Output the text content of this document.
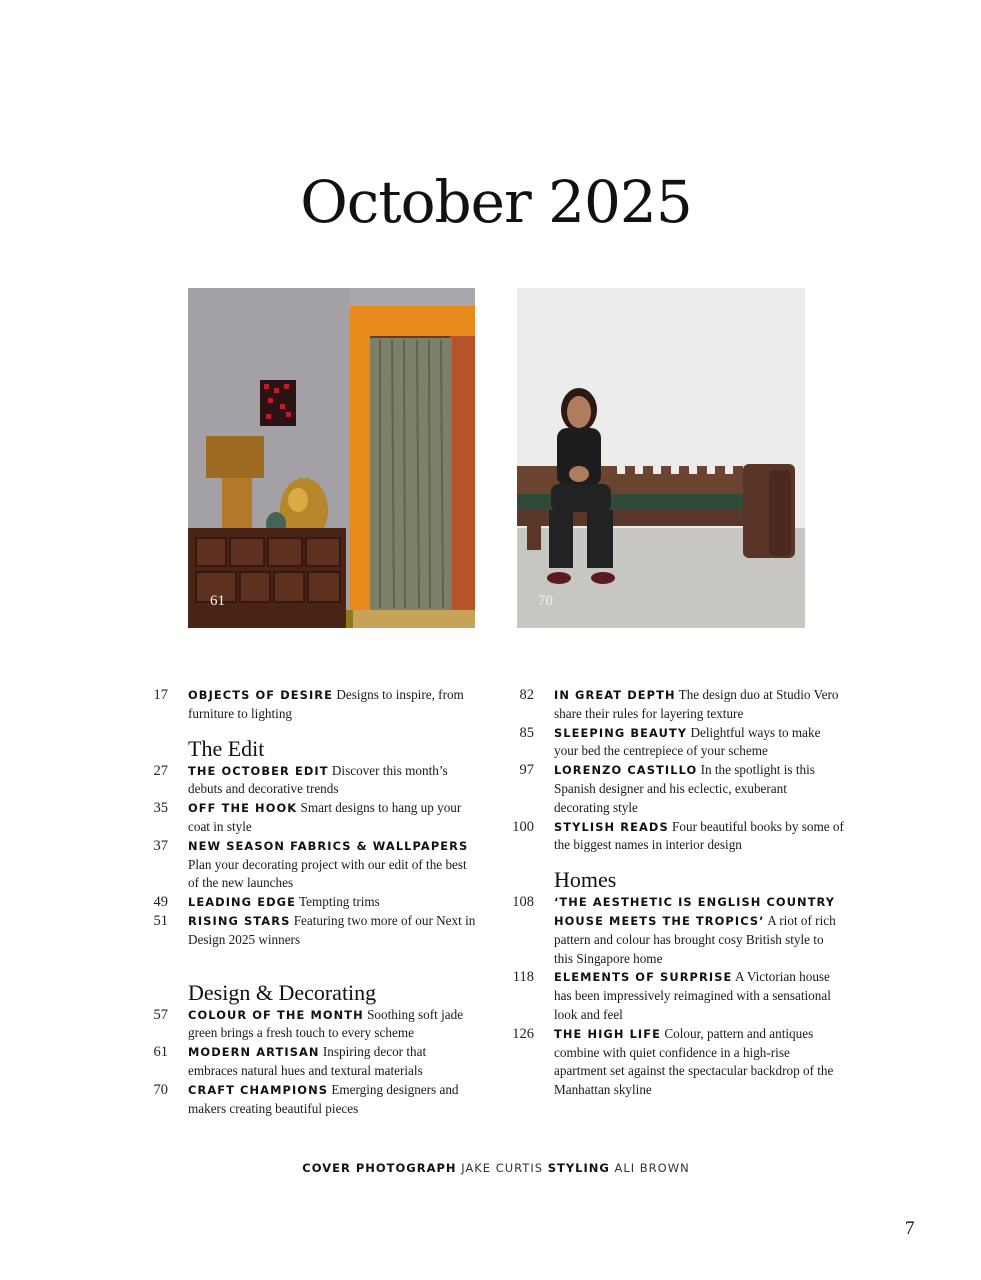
October 2025
61	70

17 OBJECTS OF DESIRE Designs to inspire, from furniture to lighting

The Edit

27 THE OCTOBER EDIT Discover this month’s debuts and decorative trends

35 OFF THE HOOK Smart designs to hang up your coat in style

37 NEW SEASON FABRICS & WALLPAPERS
Plan your decorating project with our edit of the best of the new launches

49 LEADING EDGE Tempting trims

51 RISING STARS Featuring two more of our Next in Design 2025 winners

Design & Decorating

57 COLOUR OF THE MONTH Soothing soft jade green brings a fresh touch to every scheme

61 MODERN ARTISAN Inspiring decor that embraces natural hues and textural materials

70 CRAFT CHAMPIONS Emerging designers and makers creating beautiful pieces

82 IN GREAT DEPTH The design duo at Studio Vero share their rules for layering texture

85 SLEEPING BEAUTY Delightful ways to make your bed the centrepiece of your scheme

97 LORENZO CASTILLO In the spotlight is this Spanish designer and his eclectic, exuberant decorating style

100 STYLISH READS Four beautiful books by some of the biggest names in interior design

Homes

108 ‘THE AESTHETIC IS ENGLISH COUNTRY HOUSE MEETS THE TROPICS’ A riot of rich pattern and colour has brought cosy British style to this Singapore home

118 ELEMENTS OF SURPRISE A Victorian house has been impressively reimagined with a sensational look and feel

126 THE HIGH LIFE Colour, pattern and antiques combine with quiet confidence in a high-rise apartment set against the spectacular backdrop of the Manhattan skyline

COVER PHOTOGRAPH JAKE CURTIS STYLING ALI BROWN
7
